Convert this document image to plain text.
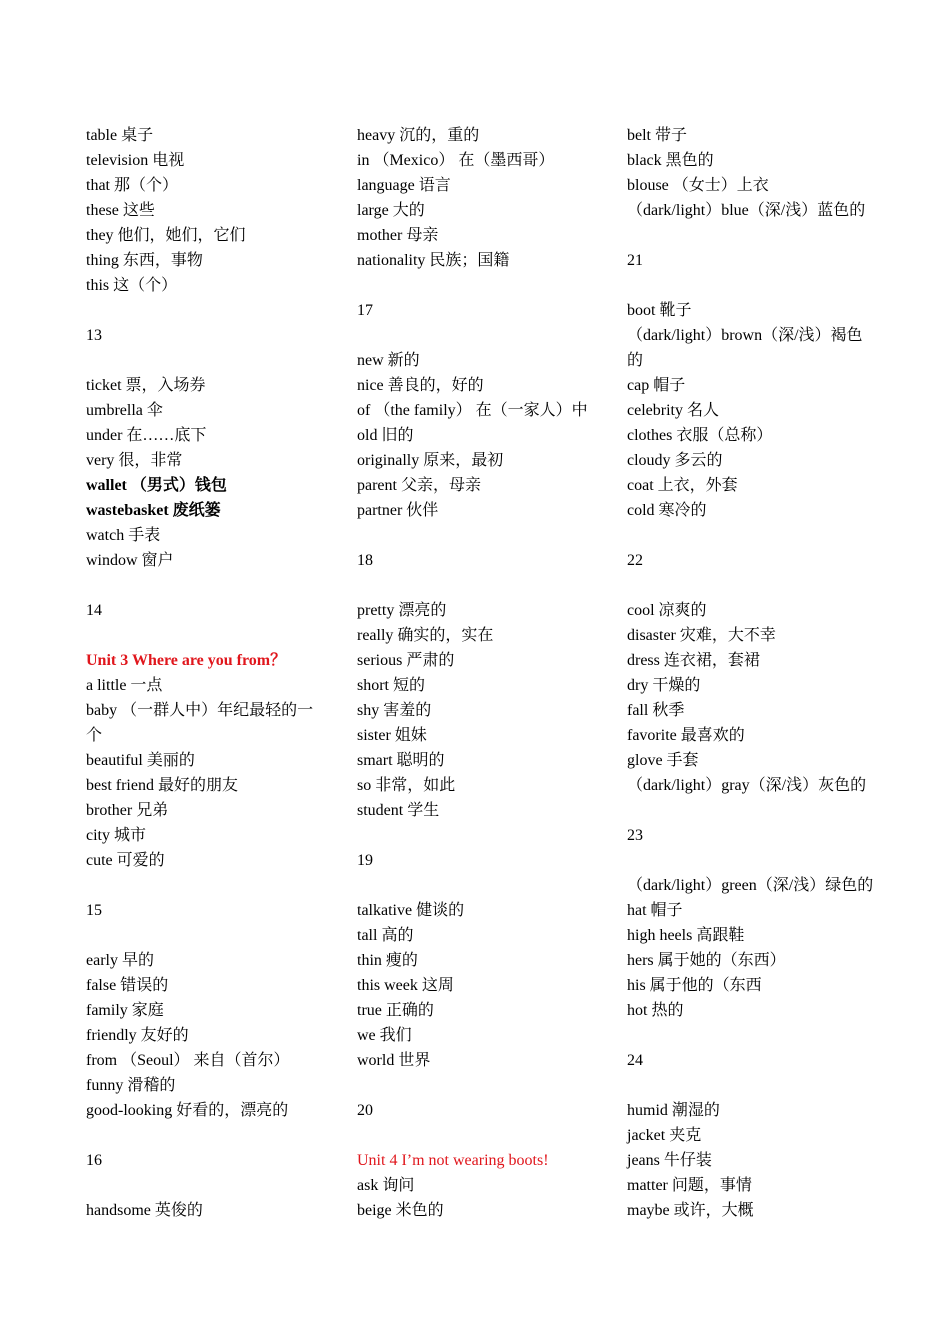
table 桌子
television 电视
that 那（个）
these 这些
they 他们，她们，它们
thing 东西，事物
this 这（个）
13
ticket 票，入场券
umbrella 伞
under 在……底下
very 很，非常
wallet （男式）钱包
wastebasket 废纸篓
watch 手表
window 窗户
14
Unit 3 Where are you from？
a little 一点
baby （一群人中）年纪最轻的一
个
beautiful 美丽的
best friend 最好的朋友
brother 兄弟
city 城市
cute 可爱的
15
early 早的
false 错误的
family 家庭
friendly 友好的
from （Seoul） 来自（首尔）
funny 滑稽的
good-looking 好看的，漂亮的
16
handsome 英俊的
heavy 沉的，重的
in （Mexico） 在（墨西哥）
language 语言
large 大的
mother 母亲
nationality 民族；国籍
17
new 新的
nice 善良的，好的
of （the family） 在（一家人）中
old 旧的
originally 原来，最初
parent 父亲，母亲
partner 伙伴
18
pretty 漂亮的
really 确实的，实在
serious 严肃的
short 短的
shy 害羞的
sister 姐妹
smart 聪明的
so 非常，如此
student 学生
19
talkative 健谈的
tall 高的
thin 瘦的
this week 这周
true 正确的
we 我们
world 世界
20
Unit 4 I’m not wearing boots!
ask 询问
beige 米色的
belt 带子
black 黑色的
blouse （女士）上衣
（dark/light）blue（深/浅）蓝色的
21
boot 靴子
（dark/light）brown（深/浅）褐色
的
cap 帽子
celebrity 名人
clothes 衣服（总称）
cloudy 多云的
coat 上衣，外套
cold 寒冷的
22
cool 凉爽的
disaster 灾难，大不幸
dress 连衣裙，套裙
dry 干燥的
fall 秋季
favorite 最喜欢的
glove 手套
（dark/light）gray（深/浅）灰色的
23
（dark/light）green（深/浅）绿色的
hat 帽子
high heels 高跟鞋
hers 属于她的（东西）
his 属于他的（东西
hot 热的
24
humid 潮湿的
jacket 夹克
jeans 牛仔装
matter 问题，事情
maybe 或许，大概
